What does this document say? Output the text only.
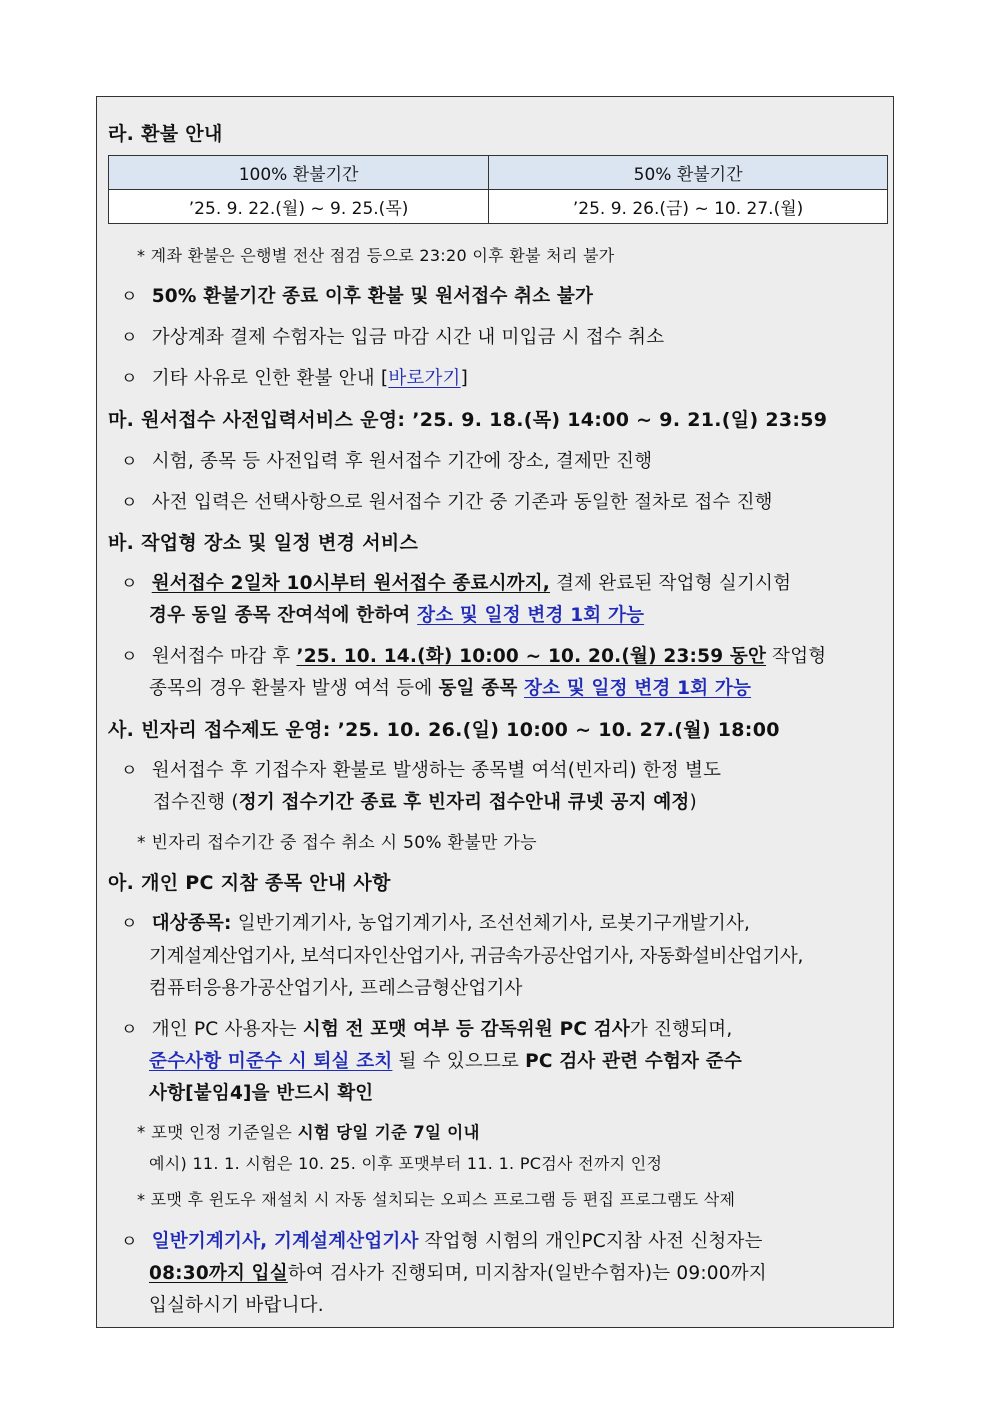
라. 환불 안내
100% 환불기간	50% 환불기간
’25. 9. 22.(월) ~ 9. 25.(목)	’25. 9. 26.(금) ~ 10. 27.(월)
* 계좌 환불은 은행별 전산 점검 등으로 23:20 이후 환불 처리 불가
ㅇ 50% 환불기간 종료 이후 환불 및 원서접수 취소 불가
ㅇ 가상계좌 결제 수험자는 입금 마감 시간 내 미입금 시 접수 취소
ㅇ 기타 사유로 인한 환불 안내 [바로가기]
마. 원서접수 사전입력서비스 운영: ’25. 9. 18.(목) 14:00 ~ 9. 21.(일) 23:59
ㅇ 시험, 종목 등 사전입력 후 원서접수 기간에 장소, 결제만 진행
ㅇ 사전 입력은 선택사항으로 원서접수 기간 중 기존과 동일한 절차로 접수 진행
바. 작업형 장소 및 일정 변경 서비스
ㅇ 원서접수 2일차 10시부터 원서접수 종료시까지, 결제 완료된 작업형 실기시험
경우 동일 종목 잔여석에 한하여 장소 및 일정 변경 1회 가능
ㅇ 원서접수 마감 후 ’25. 10. 14.(화) 10:00 ~ 10. 20.(월) 23:59 동안 작업형
종목의 경우 환불자 발생 여석 등에 동일 종목 장소 및 일정 변경 1회 가능
사. 빈자리 접수제도 운영: ’25. 10. 26.(일) 10:00 ~ 10. 27.(월) 18:00
ㅇ 원서접수 후 기접수자 환불로 발생하는 종목별 여석(빈자리) 한정 별도
접수진행 (정기 접수기간 종료 후 빈자리 접수안내 큐넷 공지 예정)
* 빈자리 접수기간 중 접수 취소 시 50% 환불만 가능
아. 개인 PC 지참 종목 안내 사항
ㅇ 대상종목: 일반기계기사, 농업기계기사, 조선선체기사, 로봇기구개발기사,
기계설계산업기사, 보석디자인산업기사, 귀금속가공산업기사, 자동화설비산업기사,
컴퓨터응용가공산업기사, 프레스금형산업기사
ㅇ 개인 PC 사용자는 시험 전 포맷 여부 등 감독위원 PC 검사가 진행되며,
준수사항 미준수 시 퇴실 조치 될 수 있으므로 PC 검사 관련 수험자 준수
사항[붙임4]을 반드시 확인
* 포맷 인정 기준일은 시험 당일 기준 7일 이내
예시) 11. 1. 시험은 10. 25. 이후 포맷부터 11. 1. PC검사 전까지 인정
* 포맷 후 윈도우 재설치 시 자동 설치되는 오피스 프로그램 등 편집 프로그램도 삭제
ㅇ 일반기계기사, 기계설계산업기사 작업형 시험의 개인PC지참 사전 신청자는
08:30까지 입실하여 검사가 진행되며, 미지참자(일반수험자)는 09:00까지
입실하시기 바랍니다.
